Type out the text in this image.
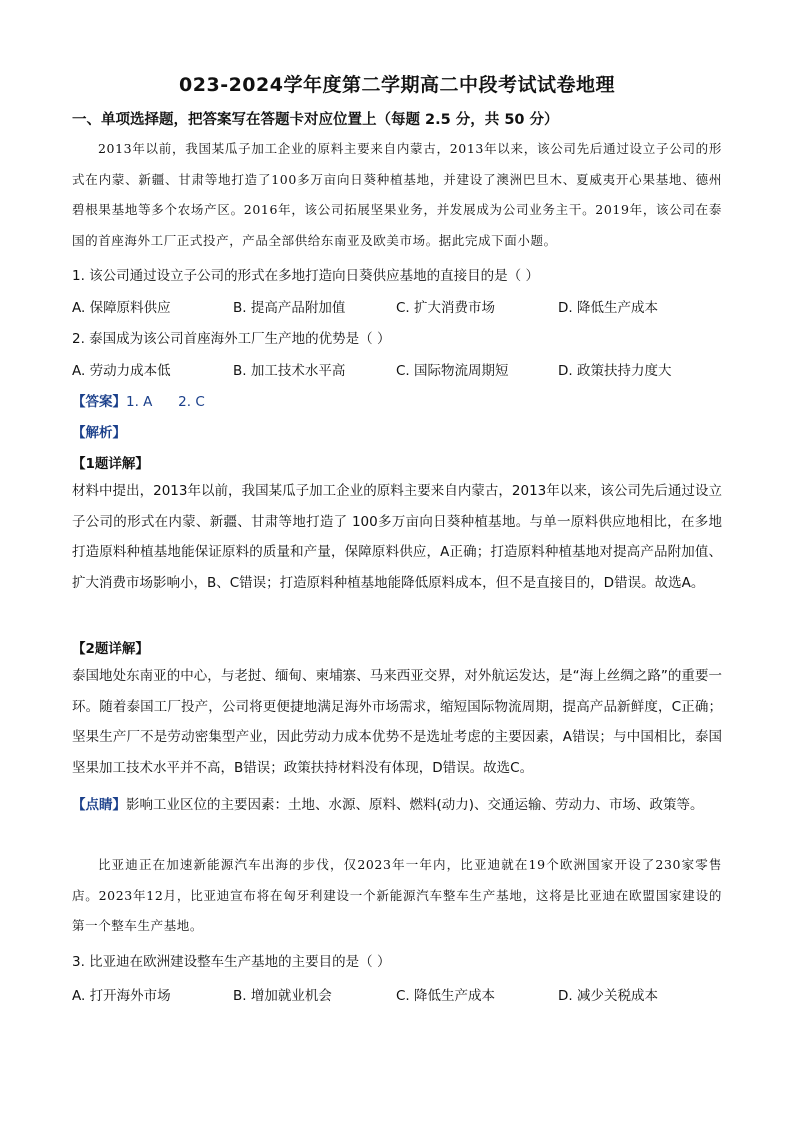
023-2024学年度第二学期高二中段考试试卷地理
一、单项选择题，把答案写在答题卡对应位置上（每题 2.5 分，共 50 分）
2013年以前，我国某瓜子加工企业的原料主要来自内蒙古，2013年以来，该公司先后通过设立子公司的形式在内蒙、新疆、甘肃等地打造了100多万亩向日葵种植基地，并建设了澳洲巴旦木、夏威夷开心果基地、德州碧根果基地等多个农场产区。2016年，该公司拓展坚果业务，并发展成为公司业务主干。2019年，该公司在泰国的首座海外工厂正式投产，产品全部供给东南亚及欧美市场。据此完成下面小题。
1. 该公司通过设立子公司的形式在多地打造向日葵供应基地的直接目的是（ ）
A. 保障原料供应	B. 提高产品附加值	C. 扩大消费市场	D. 降低生产成本
2. 泰国成为该公司首座海外工厂生产地的优势是（ ）
A. 劳动力成本低	B. 加工技术水平高	C. 国际物流周期短	D. 政策扶持力度大
【答案】1. A      2. C
【解析】
【1题详解】
材料中提出，2013年以前，我国某瓜子加工企业的原料主要来自内蒙古，2013年以来，该公司先后通过设立子公司的形式在内蒙、新疆、甘肃等地打造了 100多万亩向日葵种植基地。与单一原料供应地相比，在多地打造原料种植基地能保证原料的质量和产量，保障原料供应，A正确；打造原料种植基地对提高产品附加值、扩大消费市场影响小，B、C错误；打造原料种植基地能降低原料成本，但不是直接目的，D错误。故选A。
【2题详解】
泰国地处东南亚的中心，与老挝、缅甸、柬埔寨、马来西亚交界，对外航运发达，是“海上丝绸之路”的重要一环。随着泰国工厂投产，公司将更便捷地满足海外市场需求，缩短国际物流周期，提高产品新鲜度，C正确；坚果生产厂不是劳动密集型产业，因此劳动力成本优势不是选址考虑的主要因素，A错误；与中国相比，泰国坚果加工技术水平并不高，B错误；政策扶持材料没有体现，D错误。故选C。
【点睛】影响工业区位的主要因素：土地、水源、原料、燃料(动力)、交通运输、劳动力、市场、政策等。
比亚迪正在加速新能源汽车出海的步伐，仅2023年一年内，比亚迪就在19个欧洲国家开设了230家零售店。2023年12月，比亚迪宣布将在匈牙利建设一个新能源汽车整车生产基地，这将是比亚迪在欧盟国家建设的第一个整车生产基地。
3. 比亚迪在欧洲建设整车生产基地的主要目的是（ ）
A. 打开海外市场	B. 增加就业机会	C. 降低生产成本	D. 减少关税成本
